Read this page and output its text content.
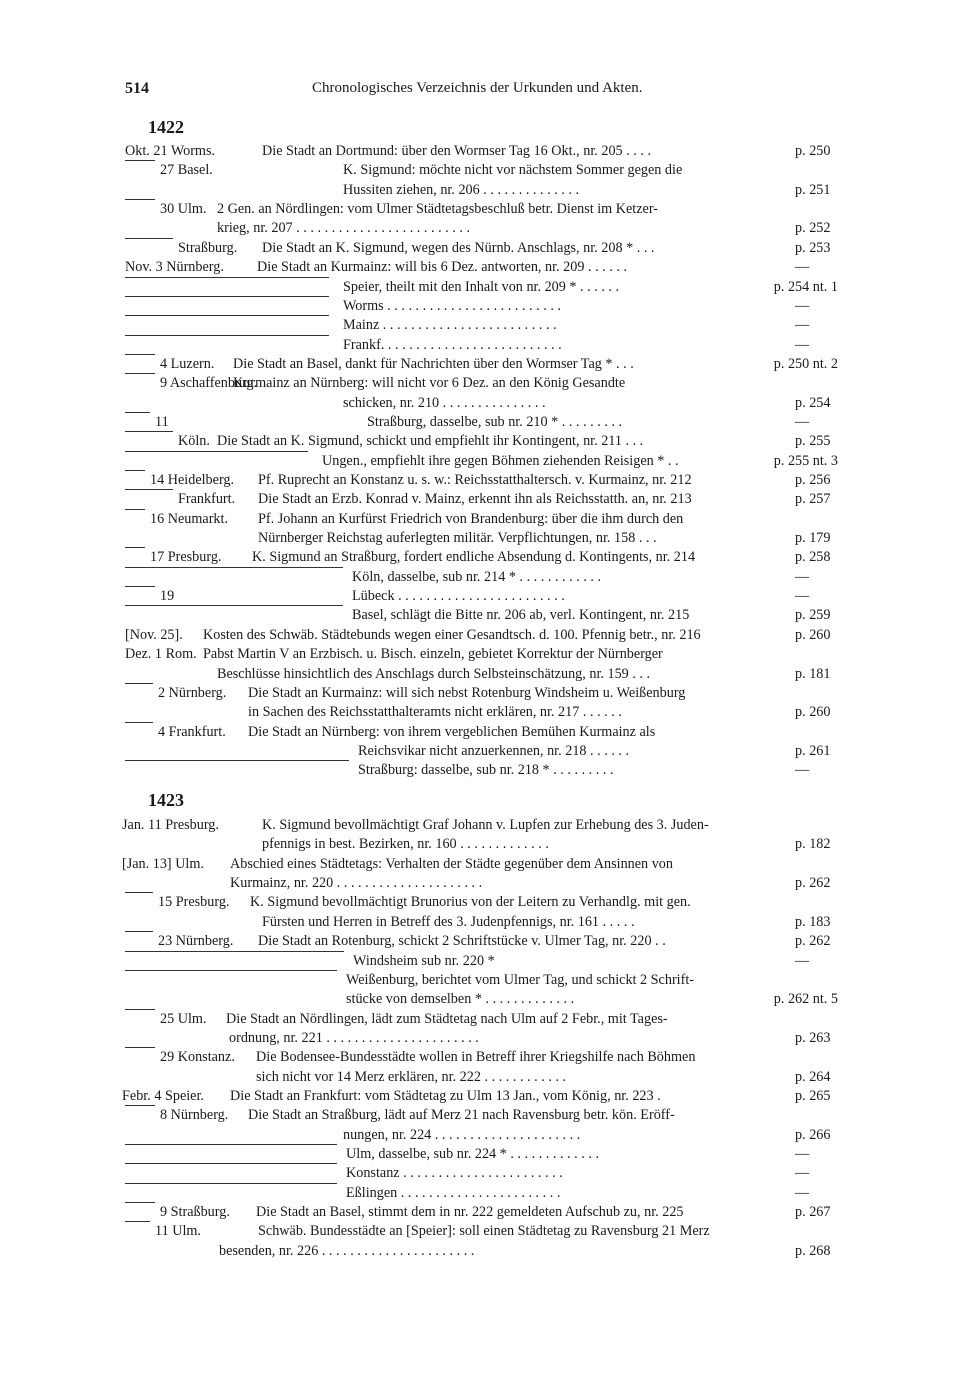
514	Chronologisches Verzeichnis der Urkunden und Akten.
1422
Okt. 21 Worms.	Die Stadt an Dortmund: über den Wormser Tag 16 Okt., nr. 205 . . . .	p. 250
27 Basel.	K. Sigmund: möchte nicht vor nächstem Sommer gegen die
Hussiten ziehen, nr. 206 . . . . . . . . . . . . . .	p. 251
30 Ulm. 2 Gen. an Nördlingen: vom Ulmer Städtetagsbeschluß betr. Dienst im Ketzer-
krieg, nr. 207 . . . . . . . . . . . . . . . . . . . . . . . . .	p. 252
Straßburg. Die Stadt an K. Sigmund, wegen des Nürnb. Anschlags, nr. 208 * . . .	p. 253
Nov. 3 Nürnberg. Die Stadt an Kurmainz: will bis 6 Dez. antworten, nr. 209 . . . . . .	—
Speier, theilt mit den Inhalt von nr. 209 * . . . . . .	p. 254 nt. 1
Worms . . . . . . . . . . . . . . . . . . . . . . . . .	—
Mainz . . . . . . . . . . . . . . . . . . . . . . . . .	—
Frankf. . . . . . . . . . . . . . . . . . . . . . . . . .	—
4 Luzern. Die Stadt an Basel, dankt für Nachrichten über den Wormser Tag * . . .	p. 250 nt. 2
9 Aschaffenburg.
Kurmainz an Nürnberg: will nicht vor 6 Dez. an den König Gesandte
schicken, nr. 210 . . . . . . . . . . . . . . .	p. 254
11	Straßburg, dasselbe, sub nr. 210 * . . . . . . . . .	—
Köln. Die Stadt an K. Sigmund, schickt und empfiehlt ihr Kontingent, nr. 211 . . .	p. 255
Ungen., empfiehlt ihre gegen Böhmen ziehenden Reisigen * . .	p. 255 nt. 3
14 Heidelberg. Pf. Ruprecht an Konstanz u. s. w.: Reichsstatthaltersch. v. Kurmainz, nr. 212	p. 256
Frankfurt. Die Stadt an Erzb. Konrad v. Mainz, erkennt ihn als Reichsstatth. an, nr. 213	p. 257
16 Neumarkt. Pf. Johann an Kurfürst Friedrich von Brandenburg: über die ihm durch den
Nürnberger Reichstag auferlegten militär. Verpflichtungen, nr. 158 . . .	p. 179
17 Presburg. K. Sigmund an Straßburg, fordert endliche Absendung d. Kontingents, nr. 214	p. 258
Köln, dasselbe, sub nr. 214 * . . . . . . . . . . . .	—
19	Lübeck . . . . . . . . . . . . . . . . . . . . . . . .	—
Basel, schlägt die Bitte nr. 206 ab, verl. Kontingent, nr. 215	p. 259
[Nov. 25]. Kosten des Schwäb. Städtebunds wegen einer Gesandtsch. d. 100. Pfennig betr., nr. 216	p. 260
Dez. 1 Rom. Pabst Martin V an Erzbisch. u. Bisch. einzeln, gebietet Korrektur der Nürnberger
Beschlüsse hinsichtlich des Anschlags durch Selbsteinschätzung, nr. 159 . . .	p. 181
2 Nürnberg. Die Stadt an Kurmainz: will sich nebst Rotenburg Windsheim u. Weißenburg
in Sachen des Reichsstatthalteramts nicht erklären, nr. 217 . . . . . .	p. 260
4 Frankfurt. Die Stadt an Nürnberg: von ihrem vergeblichen Bemühen Kurmainz als
Reichsvikar nicht anzuerkennen, nr. 218 . . . . . .	p. 261
Straßburg: dasselbe, sub nr. 218 * . . . . . . . . .	—
1423
Jan. 11 Presburg.	K. Sigmund bevollmächtigt Graf Johann v. Lupfen zur Erhebung des 3. Juden-
pfennigs in best. Bezirken, nr. 160 . . . . . . . . . . . . .	p. 182
[Jan. 13] Ulm. Abschied eines Städtetags: Verhalten der Städte gegenüber dem Ansinnen von
Kurmainz, nr. 220 . . . . . . . . . . . . . . . . . . . . .	p. 262
15 Presburg. K. Sigmund bevollmächtigt Brunorius von der Leitern zu Verhandlg. mit gen.
Fürsten und Herren in Betreff des 3. Judenpfennigs, nr. 161 . . . . .	p. 183
23 Nürnberg. Die Stadt an Rotenburg, schickt 2 Schriftstücke v. Ulmer Tag, nr. 220 . .	p. 262
Windsheim sub nr. 220 *	—
Weißenburg, berichtet vom Ulmer Tag, und schickt 2 Schrift-
stücke von demselben * . . . . . . . . . . . . .	p. 262 nt. 5
25 Ulm. Die Stadt an Nördlingen, lädt zum Städtetag nach Ulm auf 2 Febr., mit Tages-
ordnung, nr. 221 . . . . . . . . . . . . . . . . . . . . . .	p. 263
29 Konstanz. Die Bodensee-Bundesstädte wollen in Betreff ihrer Kriegshilfe nach Böhmen
sich nicht vor 14 Merz erklären, nr. 222 . . . . . . . . . . . .	p. 264
Febr. 4 Speier. Die Stadt an Frankfurt: vom Städtetag zu Ulm 13 Jan., vom König, nr. 223 .	p. 265
8 Nürnberg. Die Stadt an Straßburg, lädt auf Merz 21 nach Ravensburg betr. kön. Eröff-
nungen, nr. 224 . . . . . . . . . . . . . . . . . . . . .	p. 266
Ulm, dasselbe, sub nr. 224 * . . . . . . . . . . . . .	—
Konstanz . . . . . . . . . . . . . . . . . . . . . . .	—
Eßlingen . . . . . . . . . . . . . . . . . . . . . . .	—
9 Straßburg. Die Stadt an Basel, stimmt dem in nr. 222 gemeldeten Aufschub zu, nr. 225	p. 267
11 Ulm.	Schwäb. Bundesstädte an [Speier]: soll einen Städtetag zu Ravensburg 21 Merz
besenden, nr. 226 . . . . . . . . . . . . . . . . . . . . . .	p. 268
